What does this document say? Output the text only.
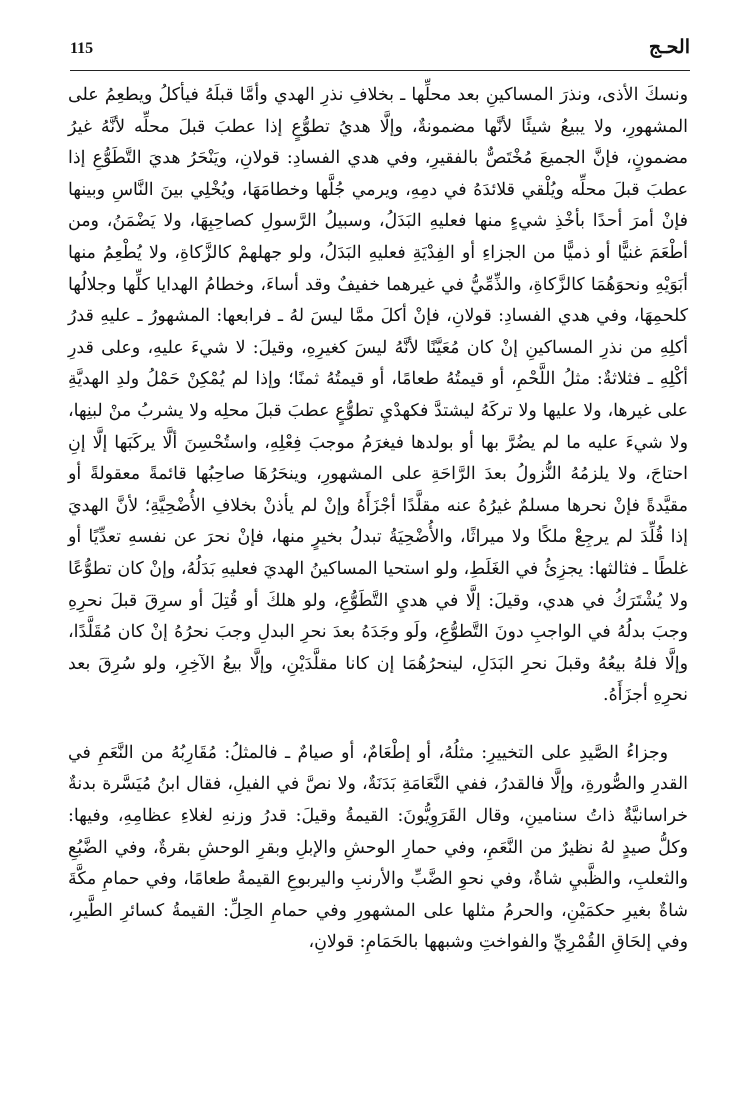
115	الحـج

ونسكَ الأذى، ونذرَ المساكينِ بعد محلِّها ـ بخلافِ نذرِ الهدي وأمَّا قبلَهُ فيأكلُ ويطعِمُ على المشهورِ، ولا يبيعُ شيئًا لأنَّها مضمونةٌ، وإلَّا هديُ تطوُّعٍ إذا عطبَ قبلَ محلِّه لأنَّهُ غيرُ مضمونٍ، فإنَّ الجميعَ مُخْتَصٌّ بالفقيرِ، وفي هدي الفسادِ: قولانِ، ويَنْحَرُ هديَ التَّطَوُّعِ إذا عطبَ قبلَ محلِّه ويُلْقي قلائدَهُ في دمِهِ، ويرمي جُلَّها وخطامَهَا، ويُخْلِي بينَ النَّاسِ وبينها فإنْ أمرَ أحدًا بأخْذِ شيءٍ منها فعليهِ البَدَلُ، وسبيلُ الرَّسولِ كصاحِبِهَا، ولا يَضْمَنُ، ومن أطْعَمَ غنيًّا أو ذميًّا من الجزاءِ أو الفِدْيَةِ فعليهِ البَدَلُ، ولو جهلهمْ كالزَّكاةِ، ولا يُطْعِمُ منها أبَوَيْهِ ونحوَهُمَا كالزَّكاةِ، والذِّمِّيُّ في غيرهما خفيفٌ وقد أساءَ، وخطامُ الهدايا كلِّها وجلالُها كلحمِهَا، وفي هدي الفسادِ: قولانِ، فإنْ أكلَ ممَّا ليسَ لهُ ـ فرابعها: المشهورُ ـ عليهِ قدرُ أكلِهِ من نذرِ المساكينِ إنْ كان مُعَيَّنًا لأنَّهُ ليسَ كغيرِهِ، وقيلَ: لا شيءَ عليهِ، وعلى قدرِ أكْلِهِ ـ فثلاثةٌ: مثلُ اللَّحْمِ، أو قيمتُهُ طعامًا، أو قيمتُهُ ثمنًا؛ وإذا لم يُمْكِنْ حَمْلُ ولدِ الهديَّةِ على غيرها، ولا عليها ولا تركَهُ ليشتدَّ فكهدْيِ تطوُّعٍ عطبَ قبلَ محلِه ولا يشربُ منْ لبنِها، ولا شيءَ عليه ما لم يضُرَّ بها أو بولدها فيغرَمُ موجبَ فِعْلِهِ، واستُحْسِنَ ألَّا يركَبَها إلَّا إنِ احتاجَ، ولا يلزمُهُ النُّزولُ بعدَ الرَّاحَةِ على المشهورِ، وينحَرُهَا صاحِبُها قائمةً معقولةً أو مقيَّدةً فإنْ نحرها مسلمٌ غيرُهُ عنه مقلَّدًا أجْزَأَهُ وإنْ لم يأذنْ بخلافِ الأُضْحِيَّةِ؛ لأنَّ الهديَ إذا قُلِّدَ لم يرجِعْ ملكًا ولا ميراثًا، والأُضْحِيَةُ تبدلُ بخيرٍ منها، فإنْ نحرَ عن نفسهِ تعدِّيًا أو غلطًا ـ فثالثها: يجزِئُ في الغَلَطِ، ولو استحيا المساكينُ الهديَ فعليهِ بَدَلُهُ، وإنْ كان تطوُّعًا ولا يُشْتَرَكُ في هدي، وقيلَ: إلَّا في هديِ التَّطَوُّعِ، ولو هلكَ أو قُتِلَ أو سرِقَ قبلَ نحرِهِ وجبَ بدلُهُ في الواجبِ دونَ التَّطوُّعِ، ولَو وجَدَهُ بعدَ نحرِ البدلِ وجبَ نحرُهُ إنْ كان مُقَلَّدًا، وإلَّا فلهُ بيعُهُ وقبلَ نحرِ البَدَلِ، لينحرُهُمَا إن كانا مقلَّدَيْنِ، وإلَّا بيعُ الآخِرِ، ولو سُرِقَ بعد نحرِهِ أجزَأَهُ.

وجزاءُ الصَّيدِ على التخييرِ: مثلُهُ، أو إطْعَامٌ، أو صيامٌ ـ فالمثلُ: مُقَارِبُهُ من النَّعَمِ في القدرِ والصُّورةِ، وإلَّا فالقدرُ، ففي النَّعَامَةِ بَدَنَةٌ، ولا نصَّ في الفيلِ، فقال ابنُ مُيَسَّرة بدنةٌ خراسانيَّةٌ ذاتُ سنامينِ، وقال القَرَوِيُّونَ: القيمةُ وقيلَ: قدرُ وزنهِ لغلاءِ عظامِهِ، وفيها: وكلُّ صيدٍ لهُ نظيرٌ من النَّعَمِ، وفي حمارِ الوحشِ والإبلِ وبقرِ الوحشِ بقرةٌ، وفي الضَّبُعِ والثعلبِ، والظَّبيِ شاةٌ، وفي نحوِ الضَّبِّ والأرنبِ واليربوعِ القيمةُ طعامًا، وفي حمامِ مكَّةَ شاةٌ بغيرِ حكمَيْنِ، والحرمُ مثلها على المشهورِ وفي حمامِ الحِلِّ: القيمةُ كسائرِ الطَّيرِ، وفي إلحَاقِ القُمْرِيِّ والفواختِ وشبهها بالحَمَامِ: قولانِ،
